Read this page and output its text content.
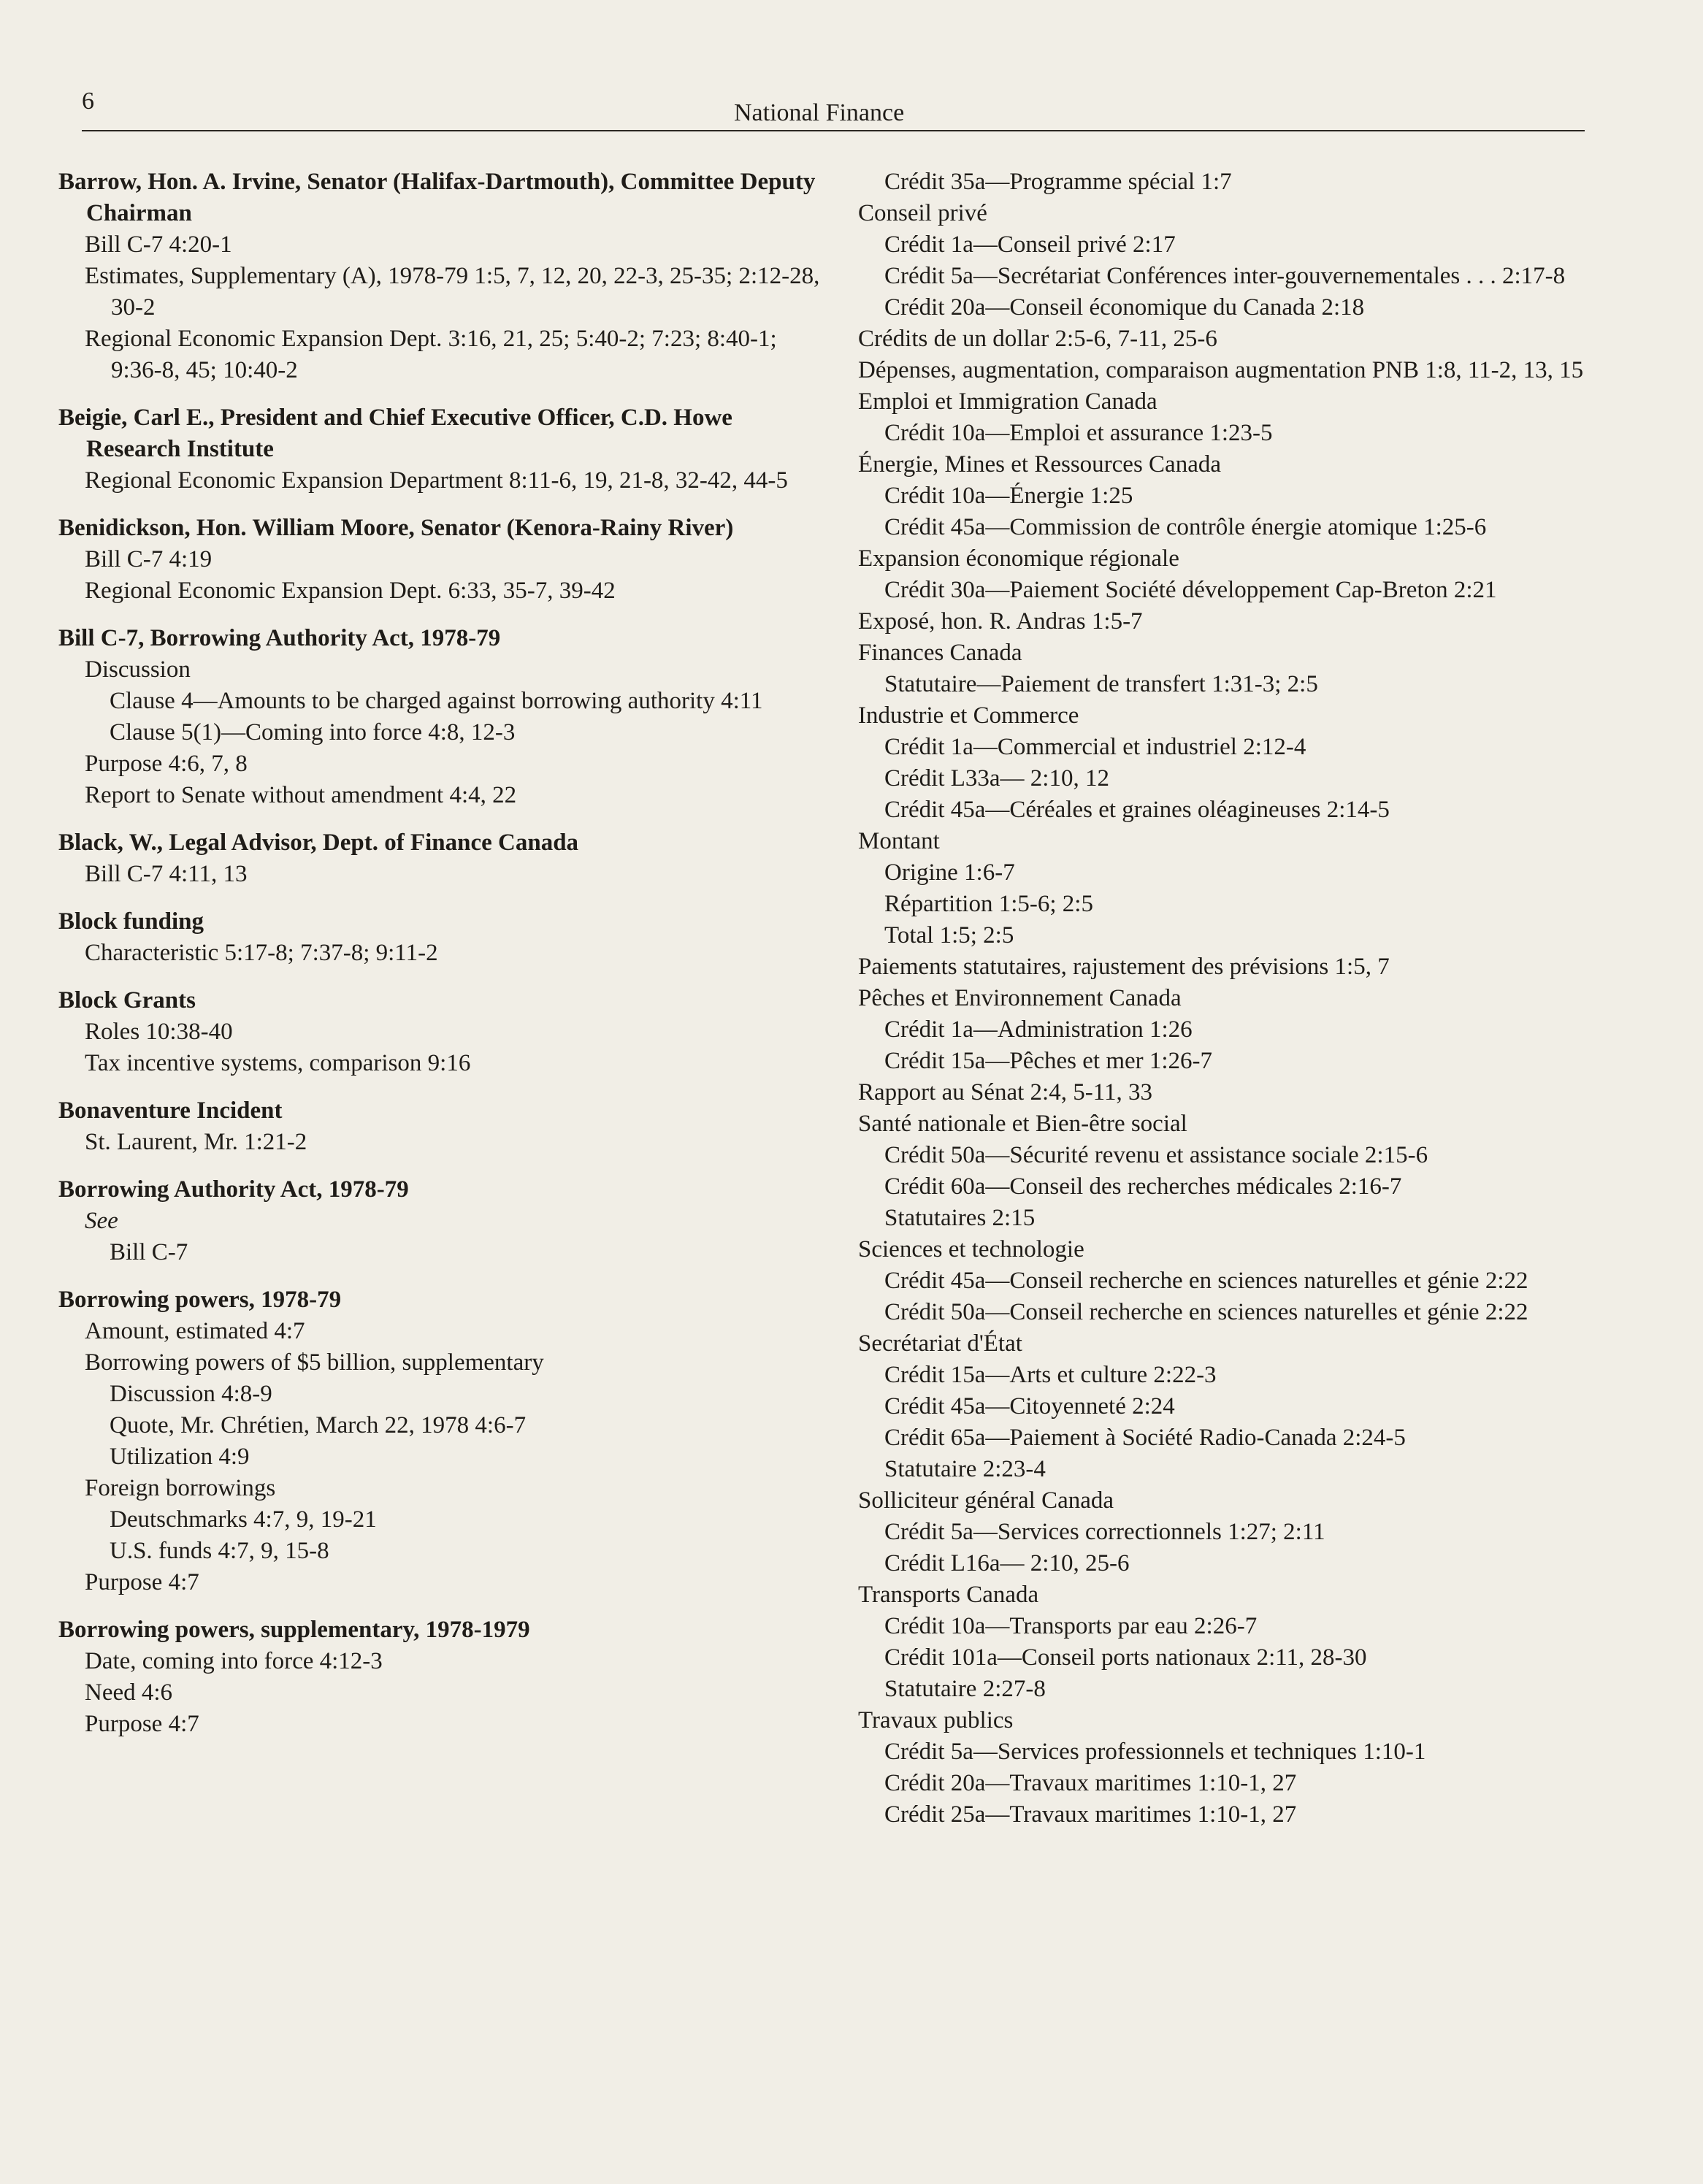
6	National Finance
Barrow, Hon. A. Irvine, Senator (Halifax-Dartmouth), Committee Deputy Chairman
Bill C-7 4:20-1
Estimates, Supplementary (A), 1978-79 1:5, 7, 12, 20, 22-3, 25-35; 2:12-28, 30-2
Regional Economic Expansion Dept. 3:16, 21, 25; 5:40-2; 7:23; 8:40-1; 9:36-8, 45; 10:40-2
Beigie, Carl E., President and Chief Executive Officer, C.D. Howe Research Institute
Regional Economic Expansion Department 8:11-6, 19, 21-8, 32-42, 44-5
Benidickson, Hon. William Moore, Senator (Kenora-Rainy River)
Bill C-7 4:19
Regional Economic Expansion Dept. 6:33, 35-7, 39-42
Bill C-7, Borrowing Authority Act, 1978-79
Discussion
Clause 4—Amounts to be charged against borrowing authority 4:11
Clause 5(1)—Coming into force 4:8, 12-3
Purpose 4:6, 7, 8
Report to Senate without amendment 4:4, 22
Black, W., Legal Advisor, Dept. of Finance Canada
Bill C-7 4:11, 13
Block funding
Characteristic 5:17-8; 7:37-8; 9:11-2
Block Grants
Roles 10:38-40
Tax incentive systems, comparison 9:16
Bonaventure Incident
St. Laurent, Mr. 1:21-2
Borrowing Authority Act, 1978-79
See
Bill C-7
Borrowing powers, 1978-79
Amount, estimated 4:7
Borrowing powers of $5 billion, supplementary
Discussion 4:8-9
Quote, Mr. Chrétien, March 22, 1978 4:6-7
Utilization 4:9
Foreign borrowings
Deutschmarks 4:7, 9, 19-21
U.S. funds 4:7, 9, 15-8
Purpose 4:7
Borrowing powers, supplementary, 1978-1979
Date, coming into force 4:12-3
Need 4:6
Purpose 4:7
Crédit 35a—Programme spécial 1:7
Conseil privé
Crédit 1a—Conseil privé 2:17
Crédit 5a—Secrétariat Conférences inter-gouvernementales . . . 2:17-8
Crédit 20a—Conseil économique du Canada 2:18
Crédits de un dollar 2:5-6, 7-11, 25-6
Dépenses, augmentation, comparaison augmentation PNB 1:8, 11-2, 13, 15
Emploi et Immigration Canada
Crédit 10a—Emploi et assurance 1:23-5
Énergie, Mines et Ressources Canada
Crédit 10a—Énergie 1:25
Crédit 45a—Commission de contrôle énergie atomique 1:25-6
Expansion économique régionale
Crédit 30a—Paiement Société développement Cap-Breton 2:21
Exposé, hon. R. Andras 1:5-7
Finances Canada
Statutaire—Paiement de transfert 1:31-3; 2:5
Industrie et Commerce
Crédit 1a—Commercial et industriel 2:12-4
Crédit L33a— 2:10, 12
Crédit 45a—Céréales et graines oléagineuses 2:14-5
Montant
Origine 1:6-7
Répartition 1:5-6; 2:5
Total 1:5; 2:5
Paiements statutaires, rajustement des prévisions 1:5, 7
Pêches et Environnement Canada
Crédit 1a—Administration 1:26
Crédit 15a—Pêches et mer 1:26-7
Rapport au Sénat 2:4, 5-11, 33
Santé nationale et Bien-être social
Crédit 50a—Sécurité revenu et assistance sociale 2:15-6
Crédit 60a—Conseil des recherches médicales 2:16-7
Statutaires 2:15
Sciences et technologie
Crédit 45a—Conseil recherche en sciences naturelles et génie 2:22
Crédit 50a—Conseil recherche en sciences naturelles et génie 2:22
Secrétariat d'État
Crédit 15a—Arts et culture 2:22-3
Crédit 45a—Citoyenneté 2:24
Crédit 65a—Paiement à Société Radio-Canada 2:24-5
Statutaire 2:23-4
Solliciteur général Canada
Crédit 5a—Services correctionnels 1:27; 2:11
Crédit L16a— 2:10, 25-6
Transports Canada
Crédit 10a—Transports par eau 2:26-7
Crédit 101a—Conseil ports nationaux 2:11, 28-30
Statutaire 2:27-8
Travaux publics
Crédit 5a—Services professionnels et techniques 1:10-1
Crédit 20a—Travaux maritimes 1:10-1, 27
Crédit 25a—Travaux maritimes 1:10-1, 27
